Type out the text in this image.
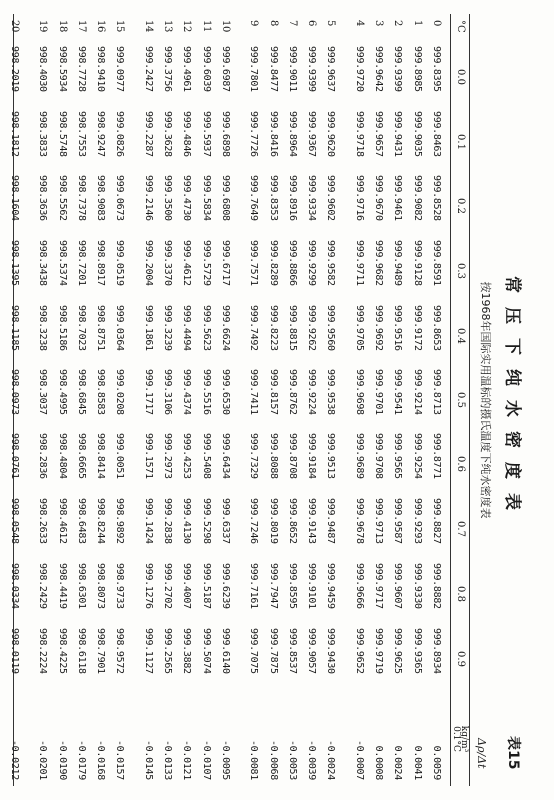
表15
常压下纯水密度表
按1968年国际实用温标的摄氏温度下纯水密度表
Δρ/Δt
°C
0.0
0.1
0.2
0.3
0.4
0.5
0.6
0.7
0.8
0.9
kg/m³
0.1°C
0
999.8395
999.8463
999.8528
999.8591
999.8653
999.8713
999.8771
999.8827
999.8882
999.8934
0.0059
1
999.8985
999.9035
999.9082
999.9128
999.9172
999.9214
999.9254
999.9293
999.9330
999.9365
0.0041
2
999.9399
999.9431
999.9461
999.9489
999.9516
999.9541
999.9565
999.9587
999.9607
999.9625
0.0024
3
999.9642
999.9657
999.9670
999.9682
999.9692
999.9701
999.9708
999.9713
999.9717
999.9719
0.0008
4
999.9720
999.9718
999.9716
999.9711
999.9705
999.9698
999.9689
999.9678
999.9666
999.9652
-0.0007
5
999.9637
999.9620
999.9602
999.9582
999.9560
999.9538
999.9513
999.9487
999.9459
999.9430
-0.0024
6
999.9399
999.9367
999.9334
999.9299
999.9262
999.9224
999.9184
999.9143
999.9101
999.9057
-0.0039
7
999.9011
999.8964
999.8916
999.8866
999.8815
999.8762
999.8708
999.8652
999.8595
999.8537
-0.0053
8
999.8477
999.8416
999.8353
999.8289
999.8223
999.8157
999.8088
999.8019
999.7947
999.7875
-0.0068
9
999.7801
999.7726
999.7649
999.7571
999.7492
999.7411
999.7329
999.7246
999.7161
999.7075
-0.0081
10
999.6987
999.6898
999.6808
999.6717
999.6624
999.6530
999.6434
999.6337
999.6239
999.6140
-0.0095
11
999.6039
999.5937
999.5834
999.5729
999.5623
999.5516
999.5408
999.5298
999.5187
999.5074
-0.0107
12
999.4961
999.4846
999.4730
999.4612
999.4494
999.4374
999.4253
999.4130
999.4007
999.3882
-0.0121
13
999.3756
999.3628
999.3500
999.3370
999.3239
999.3106
999.2973
999.2838
999.2702
999.2565
-0.0133
14
999.2427
999.2287
999.2146
999.2004
999.1861
999.1717
999.1571
999.1424
999.1276
999.1127
-0.0145
15
999.0977
999.0826
999.0673
999.0519
999.0364
999.0208
999.0051
998.9892
998.9733
998.9572
-0.0157
16
998.9410
998.9247
998.9083
998.8917
998.8751
998.8583
998.8414
998.8244
998.8073
998.7901
-0.0168
17
998.7728
998.7553
998.7378
998.7201
998.7023
998.6845
998.6665
998.6483
998.6301
998.6118
-0.0179
18
998.5934
998.5748
998.5562
998.5374
998.5186
998.4995
998.4804
998.4612
998.4419
998.4225
-0.0190
19
998.4030
998.3833
998.3636
998.3438
998.3238
998.3037
998.2836
998.2633
998.2429
998.2224
-0.0201
20
998.2019
998.1812
998.1604
998.1395
998.1185
998.0973
998.0761
998.0548
998.0334
998.0119
-0.0212
